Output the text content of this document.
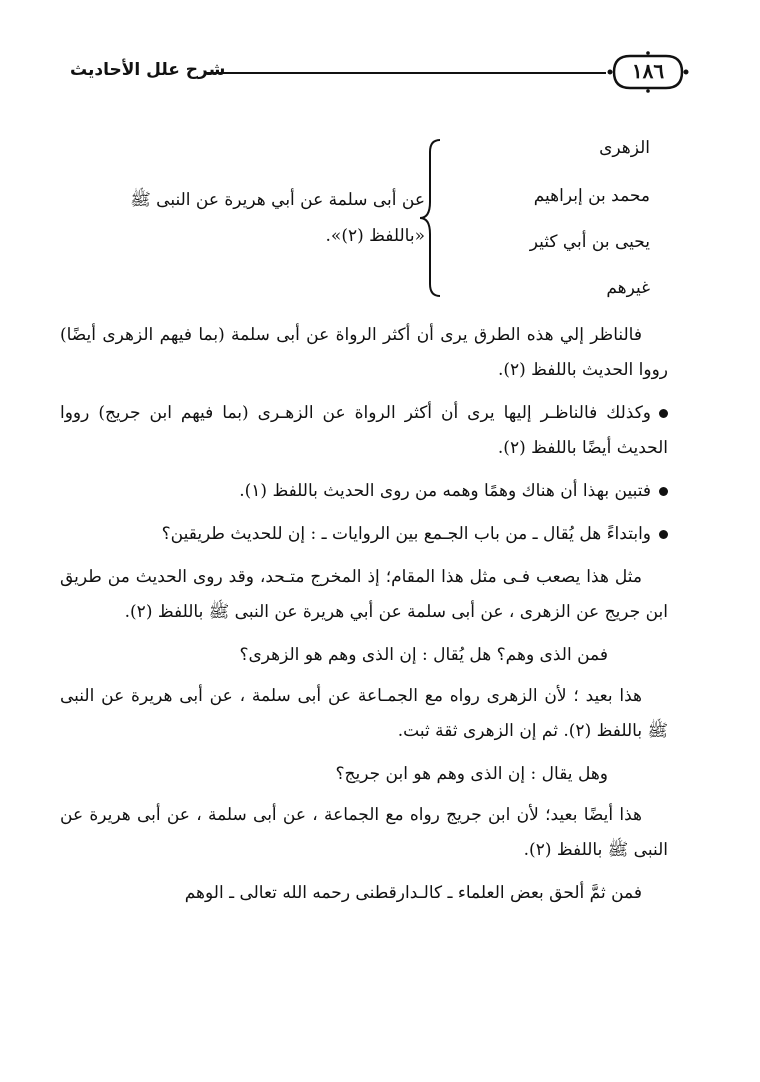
شرح علل الأحاديث	١٨٦
الزهرى
محمد بن إبراهيم
يحيى بن أبي كثير
غيرهم
عن أبى سلمة عن أبي هريرة عن النبى ﷺ «باللفظ (٢)».

فالناظر إلي هذه الطرق يرى أن أكثر الرواة عن أبى سلمة (بما فيهم الزهرى أيضًا) رووا الحديث باللفظ (٢).

وكذلك فالناظـر إليها يرى أن أكثر الرواة عن الزهـرى (بما فيهم ابن جريج) رووا الحديث أيضًا باللفظ (٢).

فتبين بهذا أن هناك وهمًا وهمه من روى الحديث باللفظ (١).

وابتداءً هل يُقال ـ من باب الجـمع بين الروايات ـ : إن للحديث طريقين؟

مثل هذا يصعب فـى مثل هذا المقام؛ إذ المخرج متـحد، وقد روى الحديث من طريق ابن جريج عن الزهرى ، عن أبى سلمة عن أبي هريرة عن النبى ﷺ باللفظ (٢).

فمن الذى وهم؟ هل يُقال : إن الذى وهم هو الزهرى؟

هذا بعيد ؛ لأن الزهرى رواه مع الجمـاعة عن أبى سلمة ، عن أبى هريرة عن النبى ﷺ باللفظ (٢). ثم إن الزهرى ثقة ثبت.

وهل يقال : إن الذى وهم هو ابن جريج؟

هذا أيضًا بعيد؛ لأن ابن جريج رواه مع الجماعة ، عن أبى سلمة ، عن أبى هريرة عن النبى ﷺ باللفظ (٢).

فمن ثمَّ ألحق بعض العلماء ـ كالـدارقطنى رحمه الله تعالى ـ الوهم
